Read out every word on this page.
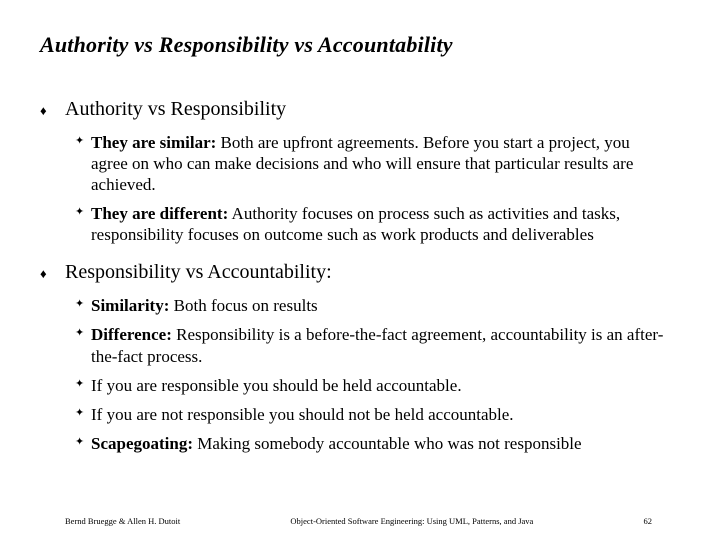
Authority vs Responsibility vs Accountability
♦ Authority vs Responsibility
✦ They are similar: Both are upfront agreements. Before you start a project, you agree on who can make decisions and who will ensure that particular results are achieved.
✦ They are different: Authority focuses on process such as activities and tasks, responsibility focuses on outcome such as work products and deliverables
♦ Responsibility vs Accountability:
✦ Similarity: Both focus on results
✦ Difference: Responsibility is a before-the-fact agreement, accountability is an after-the-fact process.
✦ If you are responsible you should be held accountable.
✦ If you are not responsible you should not be held accountable.
✦ Scapegoating: Making somebody accountable who was not responsible
Bernd Bruegge & Allen H. Dutoit	Object-Oriented Software Engineering: Using UML, Patterns, and Java	62
